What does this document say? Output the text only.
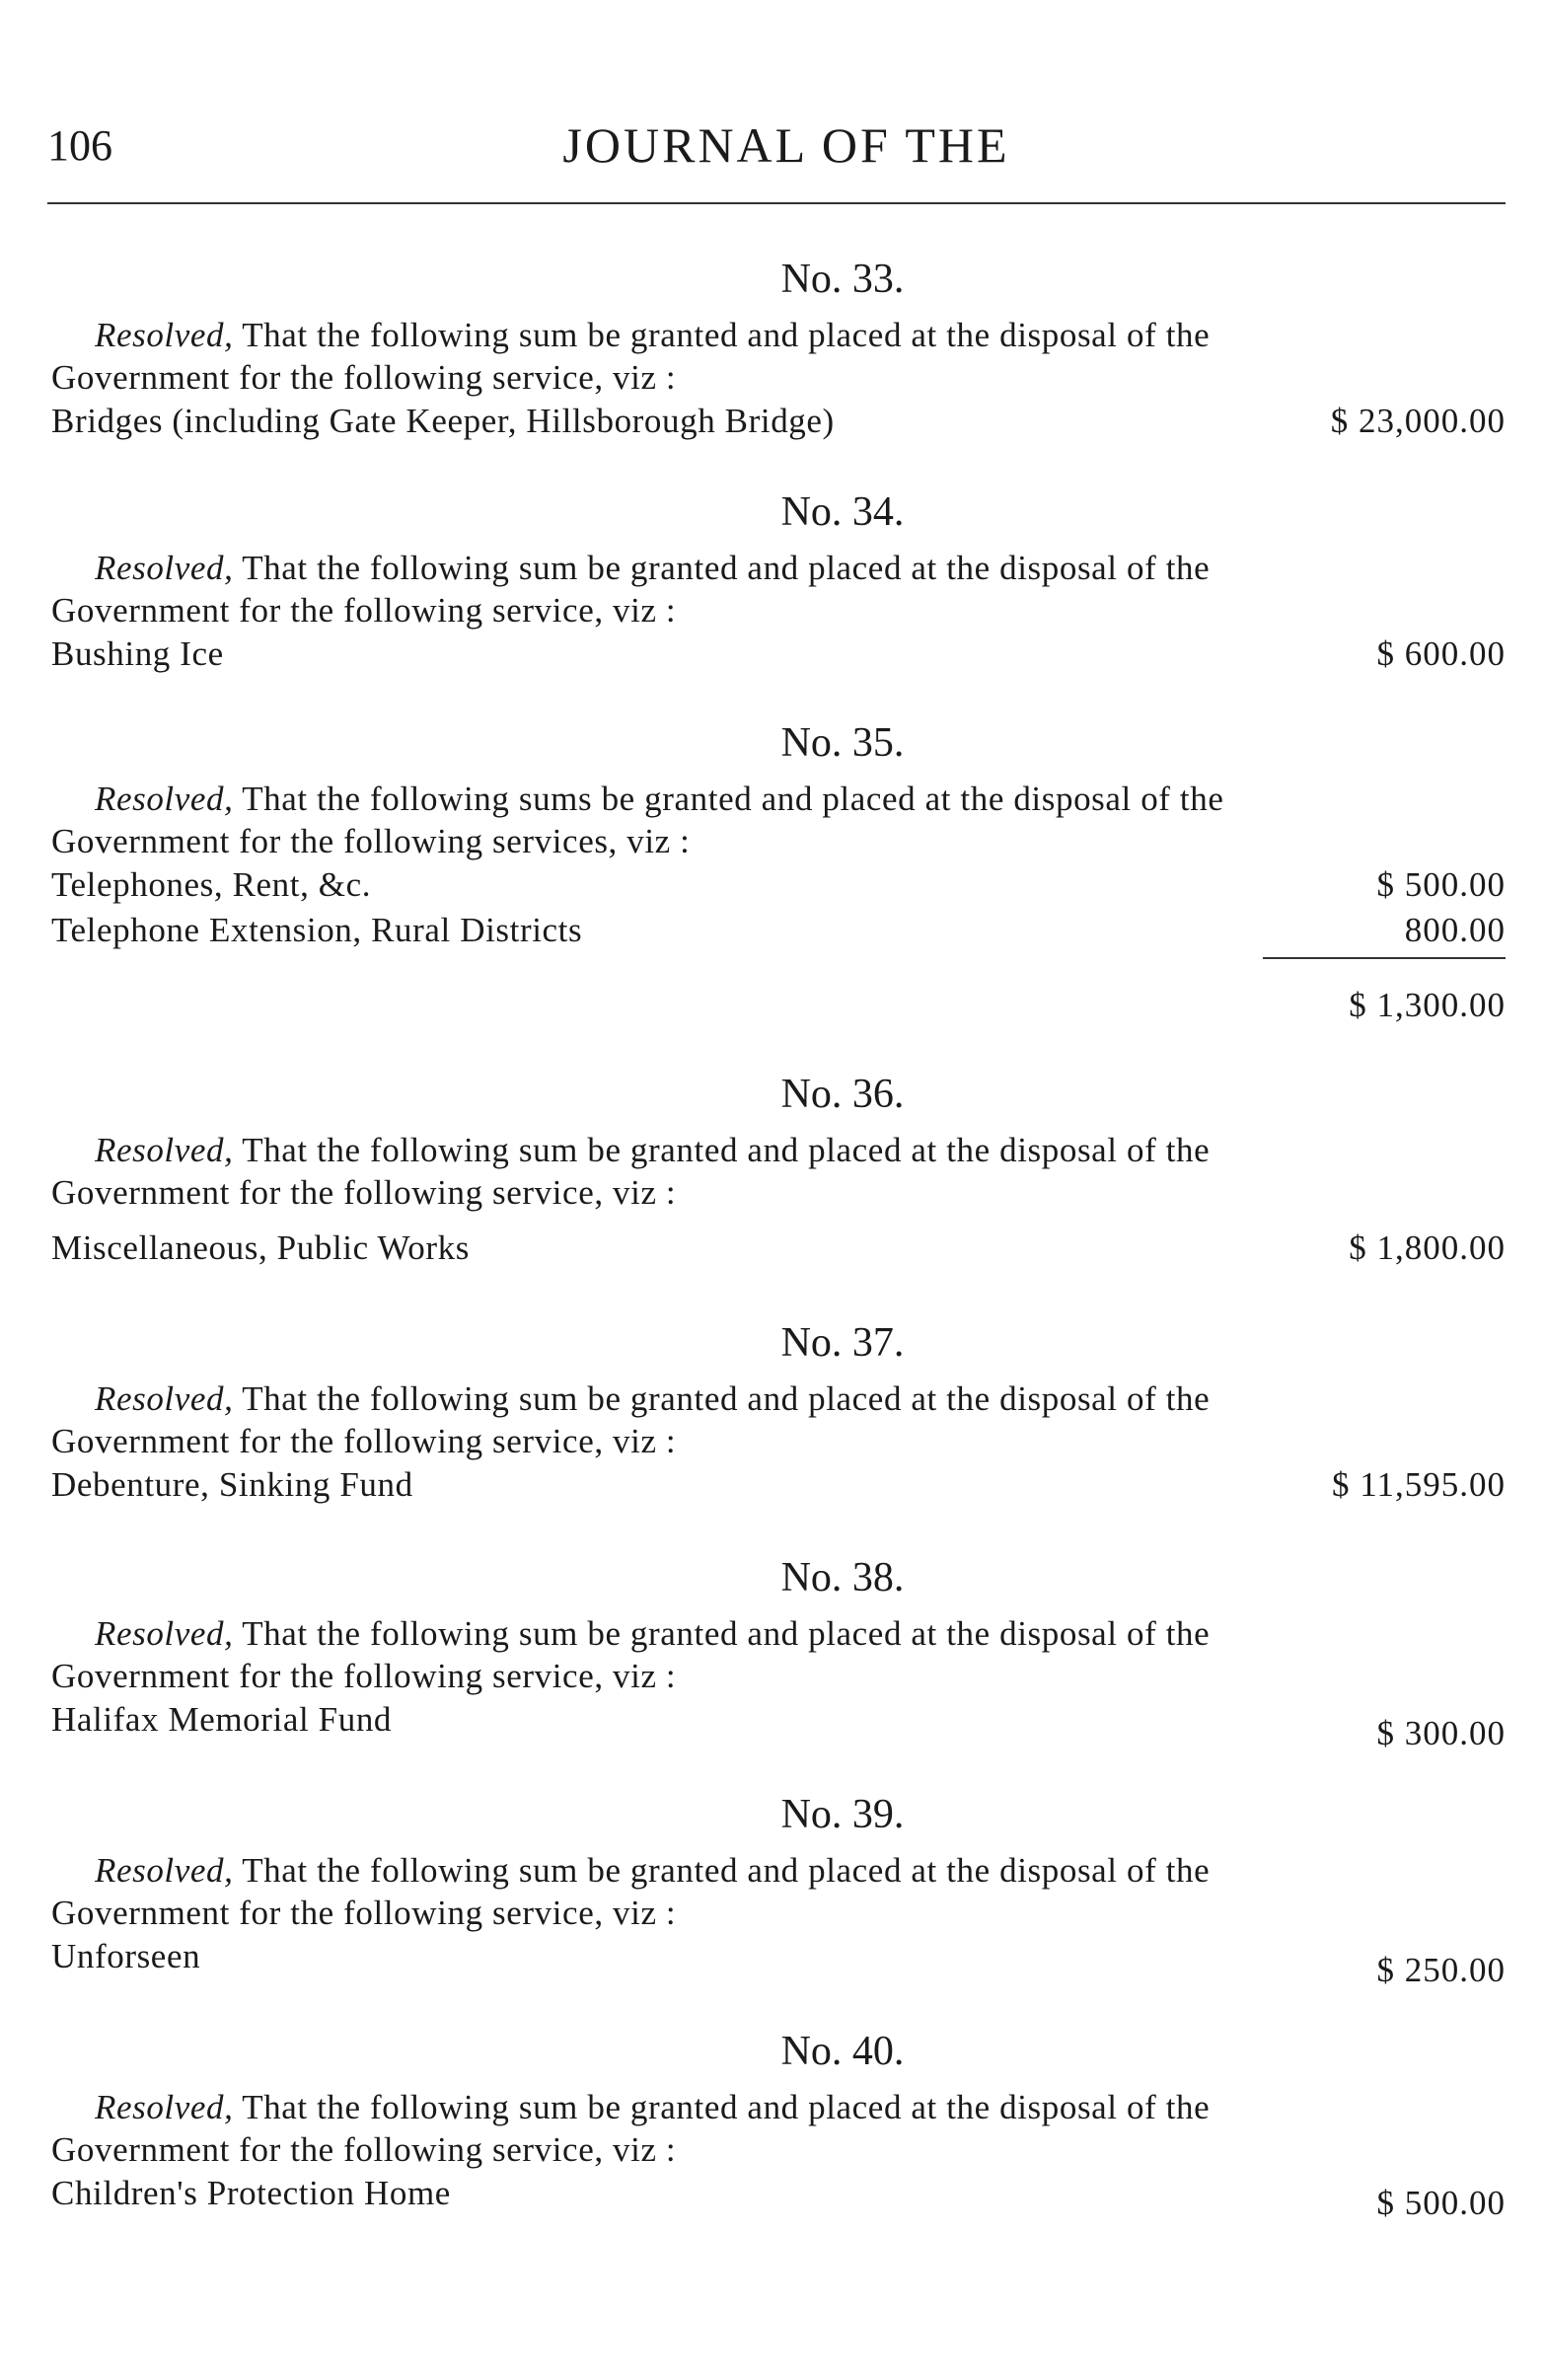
106	JOURNAL OF THE
No. 33.
Resolved, That the following sum be granted and placed at the disposal of the Government for the following service, viz :
Bridges (including Gate Keeper, Hillsborough Bridge)	$ 23,000.00
No. 34.
Resolved, That the following sum be granted and placed at the disposal of the Government for the following service, viz :
Bushing Ice	$ 600.00
No. 35.
Resolved, That the following sums be granted and placed at the disposal of the Government for the following services, viz :
Telephones, Rent, &c.	$ 500.00
Telephone Extension, Rural Districts	800.00
$ 1,300.00
No. 36.
Resolved, That the following sum be granted and placed at the disposal of the Government for the following service, viz :
Miscellaneous, Public Works	$ 1,800.00
No. 37.
Resolved, That the following sum be granted and placed at the disposal of the Government for the following service, viz :
Debenture, Sinking Fund	$ 11,595.00
No. 38.
Resolved, That the following sum be granted and placed at the disposal of the Government for the following service, viz :
Halifax Memorial Fund	$ 300.00
No. 39.
Resolved, That the following sum be granted and placed at the disposal of the Government for the following service, viz :
Unforseen	$ 250.00
No. 40.
Resolved, That the following sum be granted and placed at the disposal of the Government for the following service, viz :
Children's Protection Home	$ 500.00
